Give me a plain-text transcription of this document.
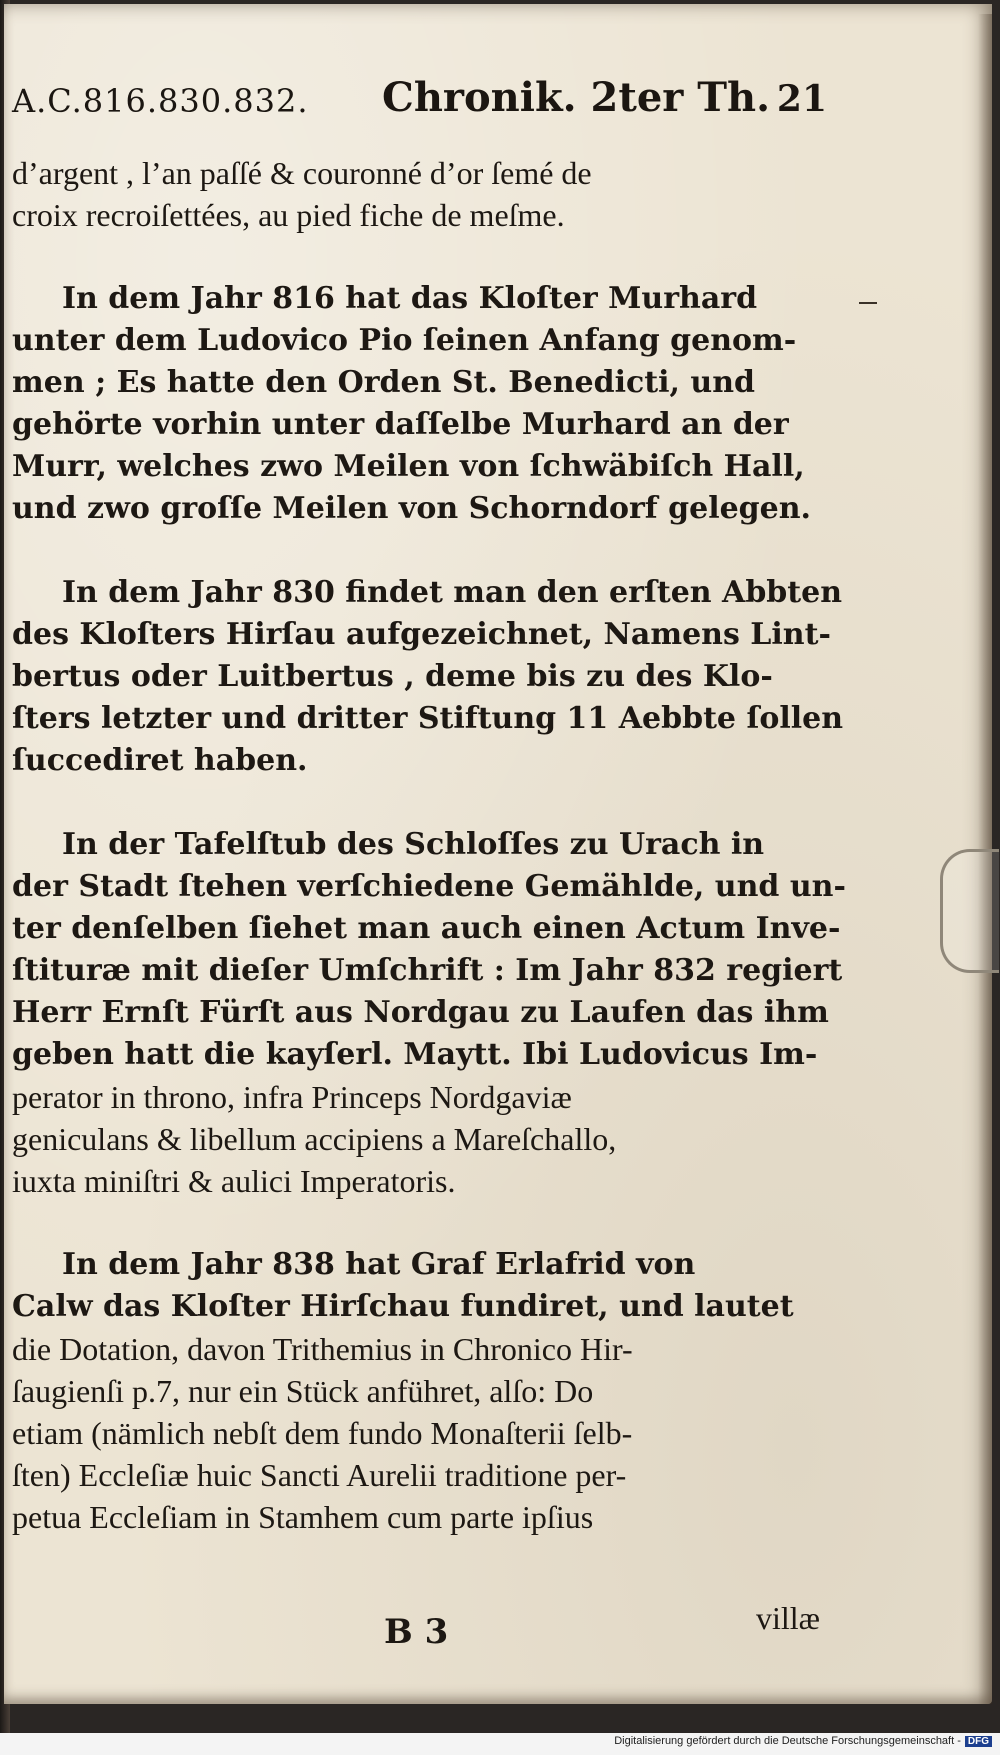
A.C.816.830.832. Chronik. 2ter Th. 21
d’argent , l’an paſſé & couronné d’or ſemé de
croix recroiſettées, au pied fiche de meſme.
In dem Jahr 816 hat das Kloſter Murhard
unter dem Ludovico Pio ſeinen Anfang genom-
men ; Es hatte den Orden St. Benedicti, und
gehörte vorhin unter daſſelbe Murhard an der
Murr, welches zwo Meilen von ſchwäbiſch Hall,
und zwo groſſe Meilen von Schorndorf gelegen.
In dem Jahr 830 findet man den erſten Abbten
des Kloſters Hirſau aufgezeichnet, Namens Lint-
bertus oder Luitbertus , deme bis zu des Klo-
ſters letzter und dritter Stiftung 11 Aebbte ſollen
ſuccediret haben.
In der Tafelſtub des Schloſſes zu Urach in
der Stadt ſtehen verſchiedene Gemählde, und un-
ter denſelben ſiehet man auch einen Actum Inve-
ſtituræ mit dieſer Umſchrift : Im Jahr 832 regiert
Herr Ernſt Fürſt aus Nordgau zu Laufen das ihm
geben hatt die kayſerl. Maytt. Ibi Ludovicus Im-
perator in throno, infra Princeps Nordgaviæ
geniculans & libellum accipiens a Mareſchallo,
iuxta miniſtri & aulici Imperatoris.
In dem Jahr 838 hat Graf Erlafrid von
Calw das Kloſter Hirſchau fundiret, und lautet
die Dotation, davon Trithemius in Chronico Hir-
ſaugienſi p.7, nur ein Stück anführet, alſo: Do
etiam (nämlich nebſt dem fundo Monaſterii ſelb-
ſten) Eccleſiæ huic Sancti Aurelii traditione per-
petua Eccleſiam in Stamhem cum parte ipſius
B 3	villæ
Digitalisierung gefördert durch die Deutsche Forschungsgemeinschaft - DFG
